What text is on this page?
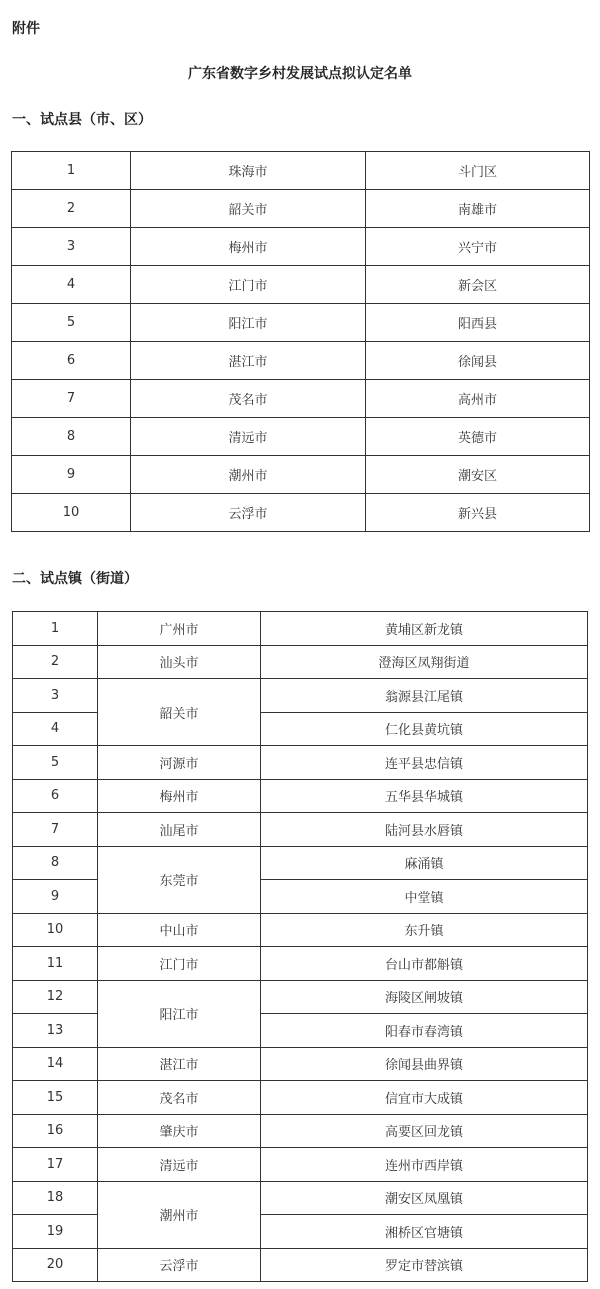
附件
广东省数字乡村发展试点拟认定名单
一、试点县（市、区）
1	珠海市	斗门区
2	韶关市	南雄市
3	梅州市	兴宁市
4	江门市	新会区
5	阳江市	阳西县
6	湛江市	徐闻县
7	茂名市	高州市
8	清远市	英德市
9	潮州市	潮安区
10	云浮市	新兴县
二、试点镇（街道）
1	广州市	黄埔区新龙镇
2	汕头市	澄海区凤翔街道
3	韶关市	翁源县江尾镇
4		仁化县黄坑镇
5	河源市	连平县忠信镇
6	梅州市	五华县华城镇
7	汕尾市	陆河县水唇镇
8	东莞市	麻涌镇
9		中堂镇
10	中山市	东升镇
11	江门市	台山市都斛镇
12	阳江市	海陵区闸坡镇
13		阳春市春湾镇
14	湛江市	徐闻县曲界镇
15	茂名市	信宜市大成镇
16	肇庆市	高要区回龙镇
17	清远市	连州市西岸镇
18	潮州市	潮安区凤凰镇
19		湘桥区官塘镇
20	云浮市	罗定市替滨镇
